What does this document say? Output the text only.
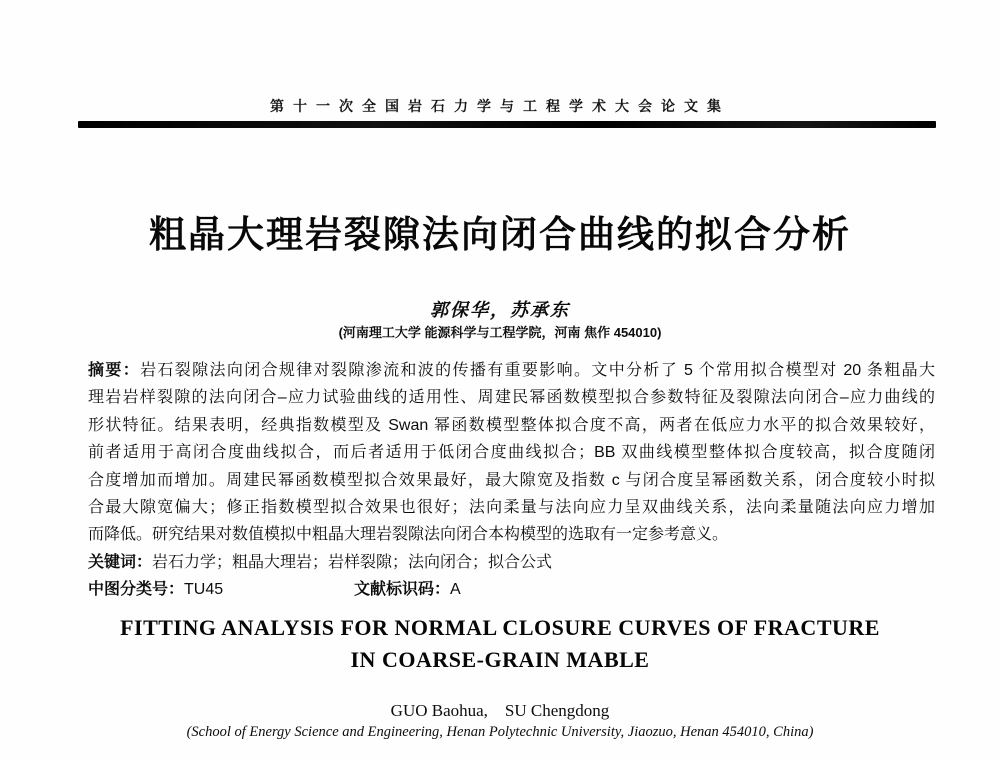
第十一次全国岩石力学与工程学术大会论文集
粗晶大理岩裂隙法向闭合曲线的拟合分析
郭保华，苏承东
(河南理工大学 能源科学与工程学院，河南 焦作 454010)
摘要：岩石裂隙法向闭合规律对裂隙渗流和波的传播有重要影响。文中分析了 5 个常用拟合模型对 20 条粗晶大
理岩岩样裂隙的法向闭合–应力试验曲线的适用性、周建民幂函数模型拟合参数特征及裂隙法向闭合–应力曲线的
形状特征。结果表明，经典指数模型及 Swan 幂函数模型整体拟合度不高，两者在低应力水平的拟合效果较好，
前者适用于高闭合度曲线拟合，而后者适用于低闭合度曲线拟合；BB 双曲线模型整体拟合度较高，拟合度随闭
合度增加而增加。周建民幂函数模型拟合效果最好，最大隙宽及指数 c 与闭合度呈幂函数关系，闭合度较小时拟
合最大隙宽偏大；修正指数模型拟合效果也很好；法向柔量与法向应力呈双曲线关系，法向柔量随法向应力增加
而降低。研究结果对数值模拟中粗晶大理岩裂隙法向闭合本构模型的选取有一定参考意义。
关键词：岩石力学；粗晶大理岩；岩样裂隙；法向闭合；拟合公式
中图分类号：TU45	文献标识码：A
FITTING ANALYSIS FOR NORMAL CLOSURE CURVES OF FRACTURE
IN COARSE-GRAIN MABLE
GUO Baohua,  SU Chengdong
(School of Energy Science and Engineering, Henan Polytechnic University, Jiaozuo, Henan 454010, China)
